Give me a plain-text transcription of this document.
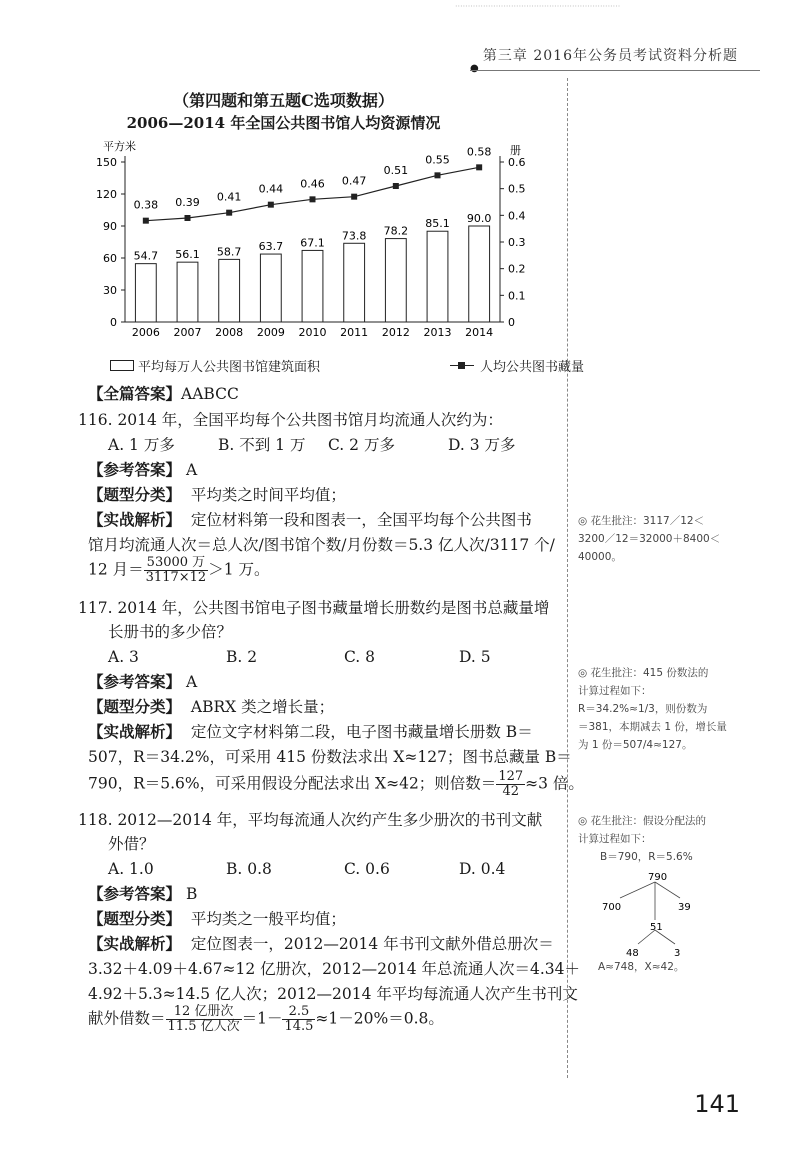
·································································
●
第三章 2016年公务员考试资料分析题
（第四题和第五题C选项数据）
2006—2014 年全国公共图书馆人均资源情况
平方米	册
0
30
60
90
120
150
0
0.1
0.2
0.3
0.4
0.5
0.6
54.7
2006
56.1
2007
58.7
2008
63.7
2009
67.1
2010
73.8
2011
78.2
2012
85.1
2013
90.0
2014
0.38 0.39 0.41
0.44 0.46 0.47
0.51
0.55
0.58
平均每万人公共图书馆建筑面积	人均公共图书藏量
【全篇答案】AABCC
116. 2014 年，全国平均每个公共图书馆月均流通人次约为：
A. 1 万多	B. 不到 1 万 C. 2 万多	D. 3 万多
【参考答案】 A
【题型分类】 平均类之时间平均值；
【实战解析】 定位材料第一段和图表一，全国平均每个公共图书
馆月均流通人次＝总人次/图书馆个数/月份数＝5.3 亿人次/3117 个/
12 月＝ $\frac{\text{53000 万}}{3117\times 12} >1$ 万。
117. 2014 年，公共图书馆电子图书藏量增长册数约是图书总藏量增
长册书的多少倍？
A. 3	B. 2	C. 8	D. 5
【参考答案】 A
【题型分类】 ABRX 类之增长量；
【实战解析】 定位文字材料第二段，电子图书藏量增长册数 B＝
507，R＝34.2%，可采用 415 份数法求出 X≈127；图书总藏量 B＝
790，R＝5.6%，可采用假设分配法求出 X≈42；则倍数＝ $\frac{127}{42} \approx 3$ 倍。
118. 2012—2014 年，平均每流通人次约产生多少册次的书刊文献
外借？
A. 1.0	B. 0.8	C. 0.6	D. 0.4
【参考答案】 B
【题型分类】 平均类之一般平均值；
【实战解析】 定位图表一，2012—2014 年书刊文献外借总册次＝
3.32＋4.09＋4.67≈12 亿册次，2012—2014 年总流通人次＝4.34＋
4.92＋5.3≈14.5 亿人次；2012—2014 年平均每流通人次产生书刊文
献外借数＝ $\frac{\text{12 亿册次}}{\text{11.5 亿人次}} =1- \frac{2.5}{14.5} \approx 1-20\%=0.8$。
◎ 花生批注：3117／12＜
3200／12＝32000＋8400＜
40000。
◎ 花生批注：415 份数法的
计算过程如下：
R＝34.2%≈1/3，则份数为
＝381，本期减去 1 份，增长量
为 1 份＝507/4≈127。
◎ 花生批注：假设分配法的
计算过程如下：
B＝790，R＝5.6%
790
700	39
51
48	3
A≈748，X≈42。
141
